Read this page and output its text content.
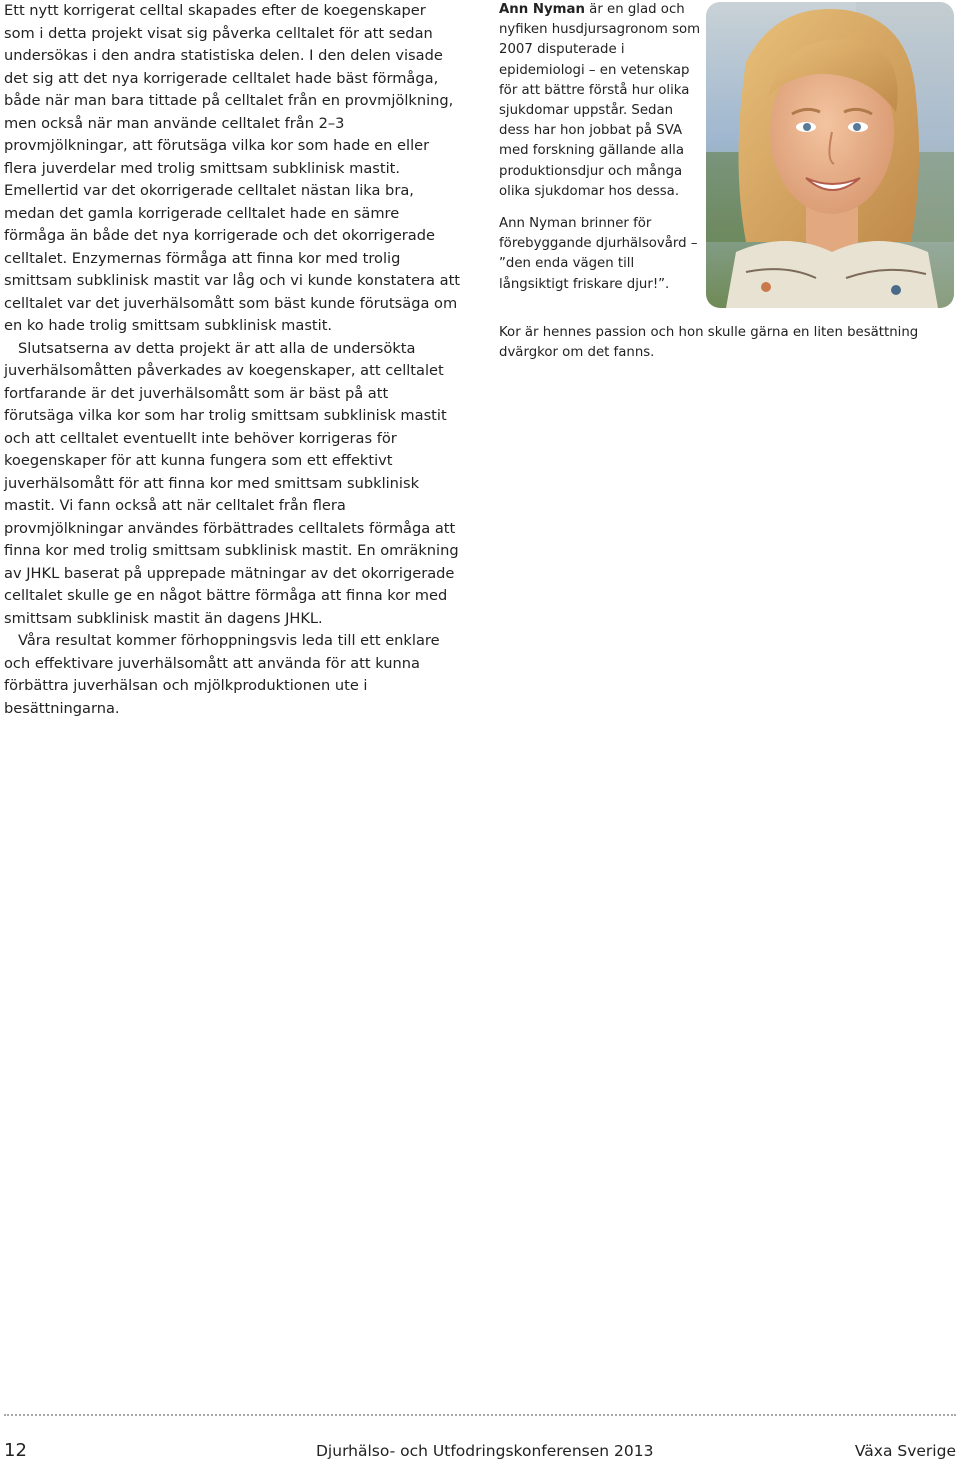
Ett nytt korrigerat celltal skapades efter de koegenskaper som i detta projekt visat sig påverka celltalet för att sedan undersökas i den andra statistiska delen. I den delen visade det sig att det nya korrigerade celltalet hade bäst förmåga, både när man bara tittade på celltalet från en provmjölkning, men också när man använde celltalet från 2–3 provmjölkningar, att förutsäga vilka kor som hade en eller flera juverdelar med trolig smittsam subklinisk mastit. Emellertid var det okorrigerade celltalet nästan lika bra, medan det gamla korrigerade celltalet hade en sämre förmåga än både det nya korrigerade och det okorrigerade celltalet. Enzymernas förmåga att finna kor med trolig smittsam subklinisk mastit var låg och vi kunde konstatera att celltalet var det juverhälsomått som bäst kunde förutsäga om en ko hade trolig smittsam subklinisk mastit.

Slutsatserna av detta projekt är att alla de undersökta juverhälsomåtten påverkades av koegenskaper, att celltalet fortfarande är det juverhälsomått som är bäst på att förutsäga vilka kor som har trolig smittsam subklinisk mastit och att celltalet eventuellt inte behöver korrigeras för koegenskaper för att kunna fungera som ett effektivt juverhälsomått för att finna kor med smittsam subklinisk mastit. Vi fann också att när celltalet från flera provmjölkningar användes förbättrades celltalets förmåga att finna kor med trolig smittsam subklinisk mastit. En omräkning av JHKL baserat på upprepade mätningar av det okorrigerade celltalet skulle ge en något bättre förmåga att finna kor med smittsam subklinisk mastit än dagens JHKL.

Våra resultat kommer förhoppningsvis leda till ett enklare och effektivare juverhälsomått att använda för att kunna förbättra juverhälsan och mjölkproduktionen ute i besättningarna.

Ann Nyman är en glad och nyfiken husdjursagronom som 2007 disputerade i epidemiologi – en vetenskap för att bättre förstå hur olika sjukdomar uppstår. Sedan dess har hon jobbat på SVA med forskning gällande alla produktionsdjur och många olika sjukdomar hos dessa.

Ann Nyman brinner för förebyggande djurhälsovård – ”den enda vägen till långsiktigt friskare djur!”.

Kor är hennes passion och hon skulle gärna en liten besättning dvärgkor om det fanns.

12	Djurhälso- och Utfodringskonferensen 2013	Växa Sverige
